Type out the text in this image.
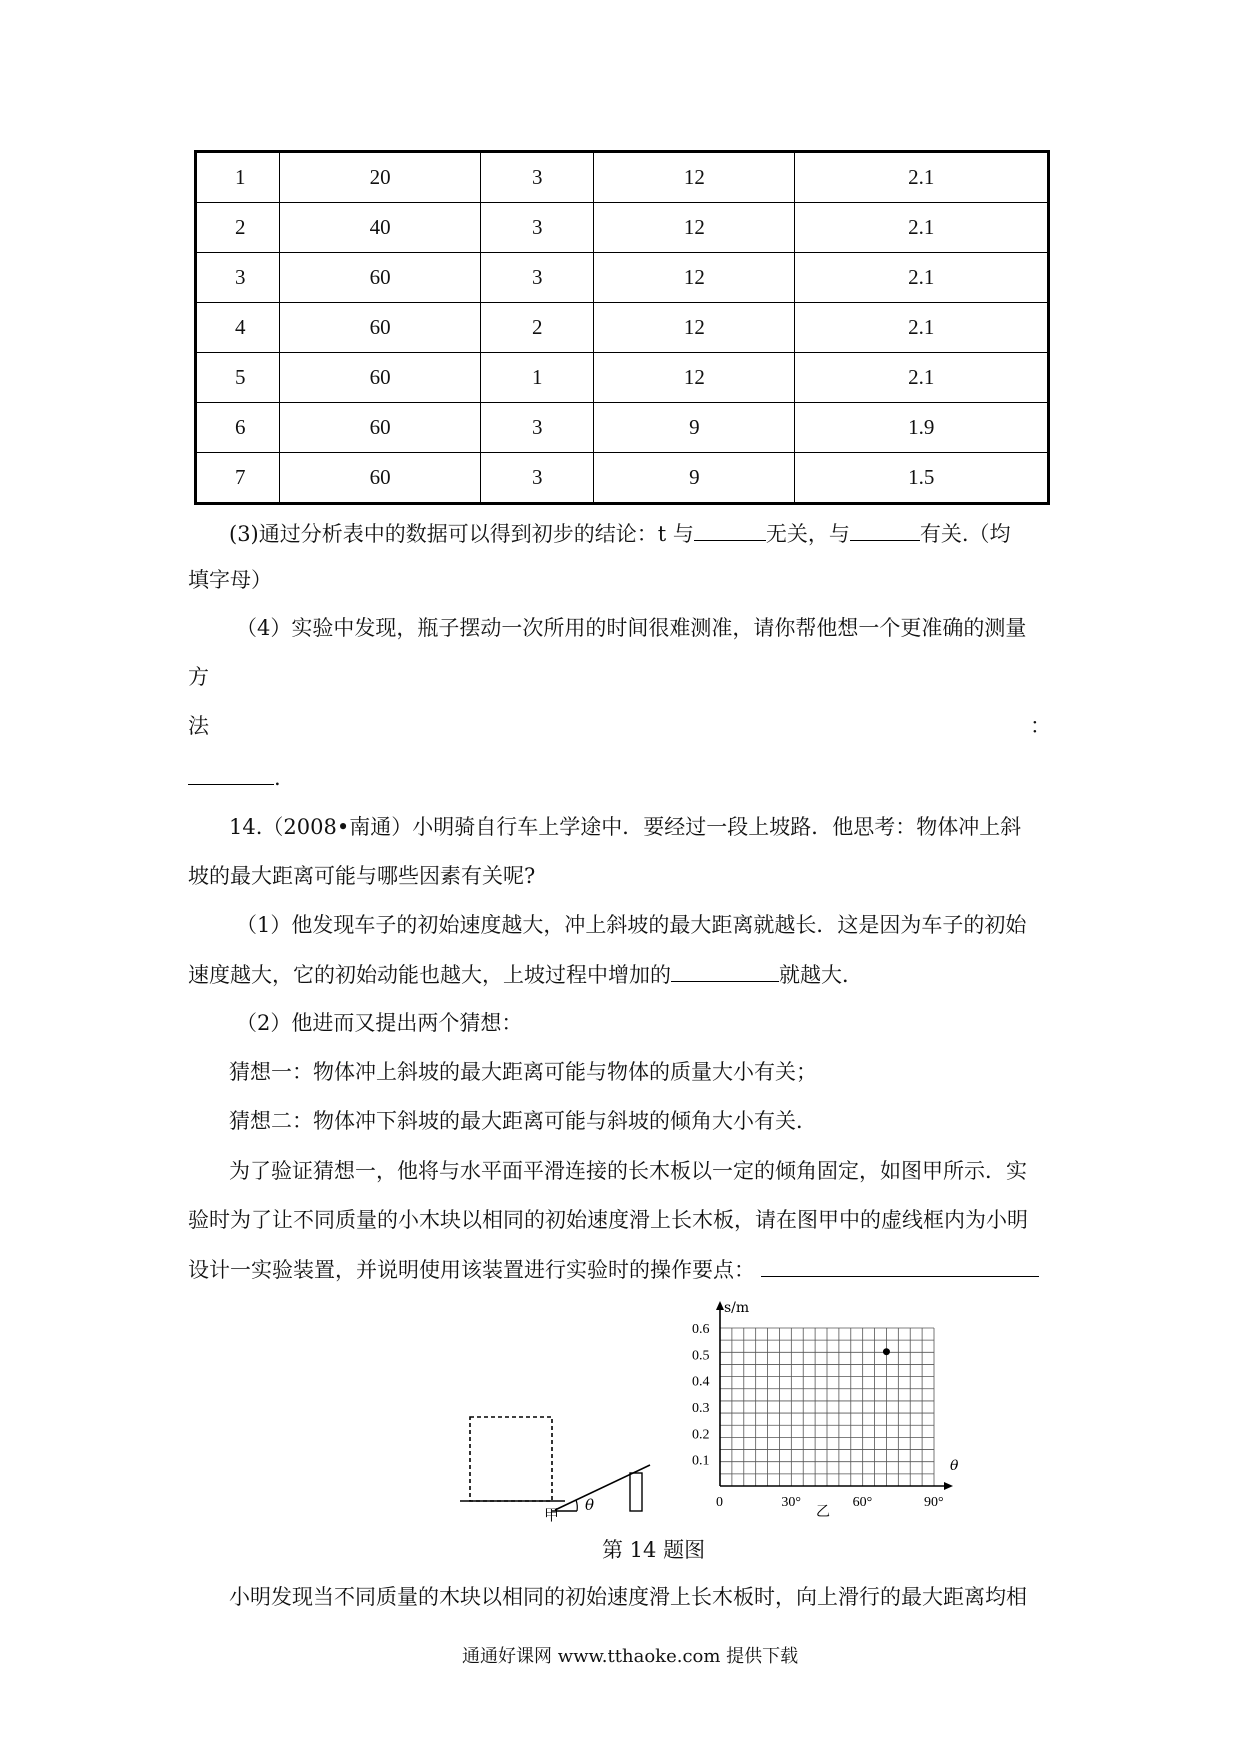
1	20	3	12	2.1
2	40	3	12	2.1
3	60	3	12	2.1
4	60	2	12	2.1
5	60	1	12	2.1
6	60	3	9	1.9
7	60	3	9	1.5
(3)通过分析表中的数据可以得到初步的结论：t 与	无关，与	有关.（均
填字母）
（4）实验中发现，瓶子摆动一次所用的时间很难测准，请你帮他想一个更准确的测量
方
法	：
.
14.（2008•南通）小明骑自行车上学途中．要经过一段上坡路．他思考：物体冲上斜
坡的最大距离可能与哪些因素有关呢?
（1）他发现车子的初始速度越大，冲上斜坡的最大距离就越长．这是因为车子的初始
速度越大，它的初始动能也越大，上坡过程中增加的	就越大．
（2）他进而又提出两个猜想：
猜想一：物体冲上斜坡的最大距离可能与物体的质量大小有关；
猜想二：物体冲下斜坡的最大距离可能与斜坡的倾角大小有关．
为了验证猜想一，他将与水平面平滑连接的长木板以一定的倾角固定，如图甲所示．实
验时为了让不同质量的小木块以相同的初始速度滑上长木板，请在图甲中的虚线框内为小明
设计一实验装置，并说明使用该装置进行实验时的操作要点：
θ
甲
0.1
0.2
0.3
0.4
0.5
0.6
0	30°	60°	90°
s/m
θ
乙
第 14 题图
小明发现当不同质量的木块以相同的初始速度滑上长木板时，向上滑行的最大距离均相
通通好课网 www.tthaoke.com 提供下载
